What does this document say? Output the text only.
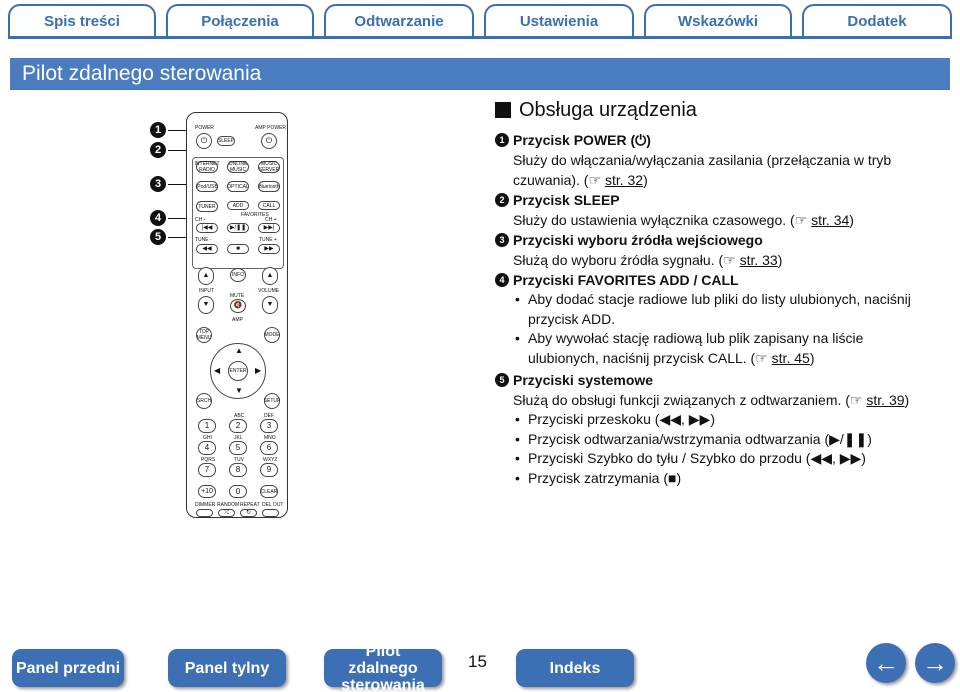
Spis treści	Połączenia	Odtwarzanie	Ustawienia	Wskazówki	Dodatek
Pilot zdalnego sterowania
1
2
3
4
5
POWER	AMP POWER
⏻	SLEEP	⏻
INTERNET RADIO
ONLINE MUSIC
MUSIC SERVER
iPod/USB OPTICAL Bluetooth
TUNER	ADD	CALL
FAVORITES
CH -	CH +
|◀◀	▶/❚❚	▶▶|
TUNE -	TUNE +
◀◀	■	▶▶
▲	INFO	▲
INPUT
MUTE
VOLUME
▼	🔇	▼
AMP
TOP MENU	MODE
▲
▼
◀	▶
ENTER
SRCH	SETUP
ABC	DEF
1	2	3
GHI	JKL	MNO
4	5	6
PQRS	TUV	WXYZ
7	8	9
+10	0	CLEAR
DIMMER RANDOM REPEAT DEL OUT
⤮	↻
Obsługa urządzenia
1 Przycisk POWER (⏻)
Służy do włączania/wyłączania zasilania (przełączania w tryb czuwania). (☞ str. 32)
2 Przycisk SLEEP
Służy do ustawienia wyłącznika czasowego. (☞ str. 34)
3 Przyciski wyboru źródła wejściowego
Służą do wyboru źródła sygnału. (☞ str. 33)
4 Przyciski FAVORITES ADD / CALL
• Aby dodać stacje radiowe lub pliki do listy ulubionych, naciśnij przycisk ADD.
• Aby wywołać stację radiową lub plik zapisany na liście ulubionych, naciśnij przycisk CALL. (☞ str. 45)
5 Przyciski systemowe
Służą do obsługi funkcji związanych z odtwarzaniem. (☞ str. 39)
• Przyciski przeskoku (◀◀, ▶▶)
• Przycisk odtwarzania/wstrzymania odtwarzania (▶/❚❚)
• Przyciski Szybko do tyłu / Szybko do przodu (◀◀, ▶▶)
• Przycisk zatrzymania (■)
Panel przedni	Panel tylny
Pilot zdalnego sterowania
15	Indeks	← →
